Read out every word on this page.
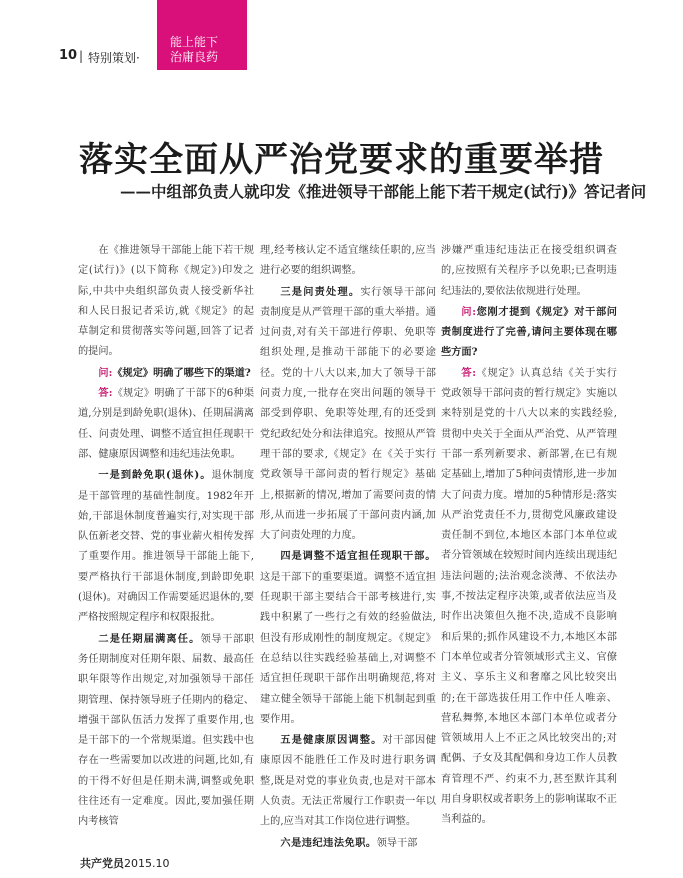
能上能下
治庸良药
10 | 特别策划·
落实全面从严治党要求的重要举措
——中组部负责人就印发《推进领导干部能上能下若干规定(试行)》答记者问

在《推进领导干部能上能下若干规定(试行)》(以下简称《规定》)印发之际,中共中央组织部负责人接受新华社和人民日报记者采访,就《规定》的起草制定和贯彻落实等问题,回答了记者的提问。

问:《规定》明确了哪些下的渠道?

答:《规定》明确了干部下的6种渠道,分别是到龄免职(退休)、任期届满离任、问责处理、调整不适宜担任现职干部、健康原因调整和违纪违法免职。

一是到龄免职(退休)。退休制度是干部管理的基础性制度。1982年开始,干部退休制度普遍实行,对实现干部队伍新老交替、党的事业薪火相传发挥了重要作用。推进领导干部能上能下,要严格执行干部退休制度,到龄即免职(退休)。对确因工作需要延迟退休的,要严格按照规定程序和权限报批。

二是任期届满离任。领导干部职务任期制度对任期年限、届数、最高任职年限等作出规定,对加强领导干部任期管理、保持领导班子任期内的稳定、增强干部队伍活力发挥了重要作用,也是干部下的一个常规渠道。但实践中也存在一些需要加以改进的问题,比如,有的干得不好但是任期未满,调整或免职往往还有一定难度。因此,要加强任期内考核管

理,经考核认定不适宜继续任职的,应当进行必要的组织调整。

三是问责处理。实行领导干部问责制度是从严管理干部的重大举措。通过问责,对有关干部进行停职、免职等组织处理,是推动干部能下的必要途径。党的十八大以来,加大了领导干部问责力度,一批存在突出问题的领导干部受到停职、免职等处理,有的还受到党纪政纪处分和法律追究。按照从严管理干部的要求,《规定》在《关于实行党政领导干部问责的暂行规定》基础上,根据新的情况,增加了需要问责的情形,从而进一步拓展了干部问责内涵,加大了问责处理的力度。

四是调整不适宜担任现职干部。这是干部下的重要渠道。调整不适宜担任现职干部主要结合干部考核进行,实践中积累了一些行之有效的经验做法,但没有形成刚性的制度规定。《规定》在总结以往实践经验基础上,对调整不适宜担任现职干部作出明确规范,将对建立健全领导干部能上能下机制起到重要作用。

五是健康原因调整。对干部因健康原因不能胜任工作及时进行职务调整,既是对党的事业负责,也是对干部本人负责。无法正常履行工作职责一年以上的,应当对其工作岗位进行调整。

六是违纪违法免职。领导干部

涉嫌严重违纪违法正在接受组织调查的,应按照有关程序予以免职;已查明违纪违法的,要依法依规进行处理。

问:您刚才提到《规定》对干部问责制度进行了完善,请问主要体现在哪些方面?

答:《规定》认真总结《关于实行党政领导干部问责的暂行规定》实施以来特别是党的十八大以来的实践经验,贯彻中央关于全面从严治党、从严管理干部一系列新要求、新部署,在已有规定基础上,增加了5种问责情形,进一步加大了问责力度。增加的5种情形是:落实从严治党责任不力,贯彻党风廉政建设责任制不到位,本地区本部门本单位或者分管领域在较短时间内连续出现违纪违法问题的;法治观念淡薄、不依法办事,不按法定程序决策,或者依法应当及时作出决策但久拖不决,造成不良影响和后果的;抓作风建设不力,本地区本部门本单位或者分管领域形式主义、官僚主义、享乐主义和奢靡之风比较突出的;在干部选拔任用工作中任人唯亲、营私舞弊,本地区本部门本单位或者分管领域用人上不正之风比较突出的;对配偶、子女及其配偶和身边工作人员教育管理不严、约束不力,甚至默许其利用自身职权或者职务上的影响谋取不正当利益的。

共产党员2015.10
